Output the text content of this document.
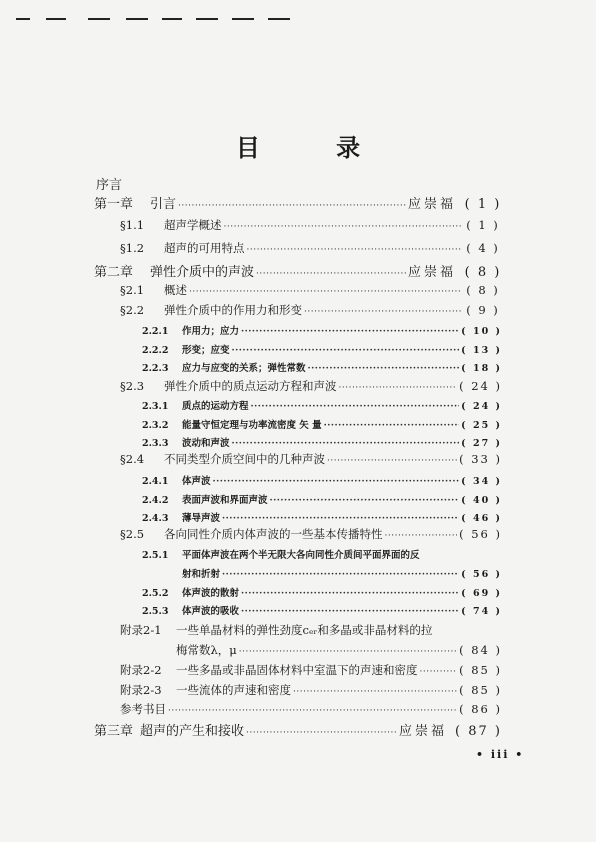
目 录
序言
第一章	引言 ·····	应崇福 ( 1 )
§1.1	超声学概述 ·····	( 1 )
§1.2	超声的可用特点 ·····	( 4 )
第二章	弹性介质中的声波 ·····	应崇福 ( 8 )
§2.1	概述 ·····	( 8 )
§2.2	弹性介质中的作用力和形变 ·····	( 9 )
2.2.1	作用力；应力 ·····	( 10 )
2.2.2	形变；应变 ·····	( 13 )
2.2.3	应力与应变的关系；弹性常数 ·····	( 18 )
§2.3	弹性介质中的质点运动方程和声波 ·····	( 24 )
2.3.1	质点的运动方程 ·····	( 24 )
2.3.2	能量守恒定理与功率流密度 矢 量 ·····	( 25 )
2.3.3	波动和声波 ·····	( 27 )
§2.4	不同类型介质空间中的几种声波 ·····	( 33 )
2.4.1	体声波 ·····	( 34 )
2.4.2	表面声波和界面声波 ·····	( 40 )
2.4.3	薄导声波 ·····	( 46 )
§2.5	各向同性介质内体声波的一些基本传播特性 ·····	( 56 )
2.5.1	平面体声波在两个半无限大各向同性介质间平面界面的反
射和折射 ·····	( 56 )
2.5.2	体声波的散射 ·····	( 69 )
2.5.3	体声波的吸收 ·····	( 74 )
附录2-1	一些单晶材料的弹性劲度cₑᵣ和多晶或非晶材料的拉
梅常数λ，μ ·····	( 84 )
附录2-2	一些多晶或非晶固体材料中室温下的声速和密度 ·····	( 85 )
附录2-3	一些流体的声速和密度 ·····	( 85 )
参考书目 ·····	( 86 )
第三章 超声的产生和接收 ·····	应崇福 ( 87 )
• iii •
